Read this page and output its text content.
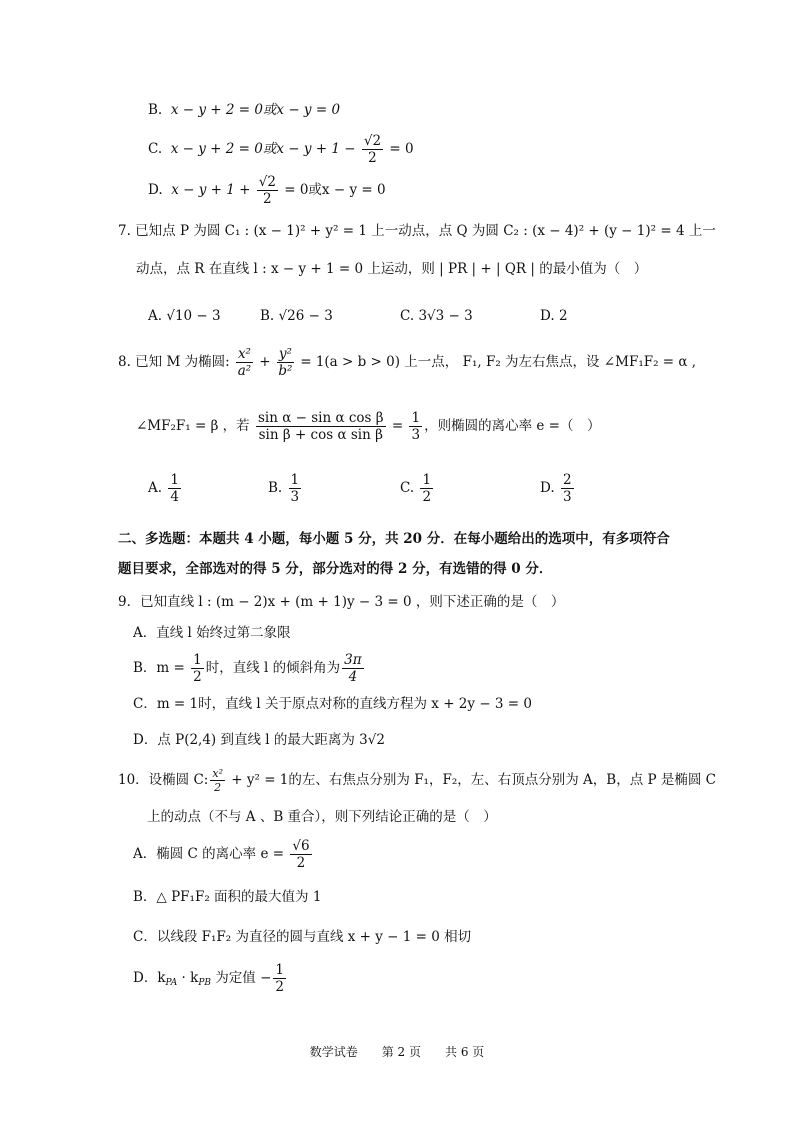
B. x − y + 2 = 0或x − y = 0
C. x − y + 2 = 0或$x - y + 1 - \frac{√2}{2} = 0$
D. $x - y + 1 + \frac{√2}{2} = 0$或x − y = 0
7. 已知点 P 为圆 C₁ : (x − 1)² + y² = 1 上一动点，点 Q 为圆 C₂ : (x − 4)² + (y − 1)² = 4 上一
动点，点 R 在直线 l : x − y + 1 = 0 上运动，则 | PR | + | QR | 的最小值为（　）
A. √10 − 3	B. √26 − 3	C. 3√3 − 3	D. 2
8. 已知 M 为椭圆: $\frac{\text{x²}}{\text{a²}} + \frac{\text{y²}}{\text{b²}} = 1(a > b > 0)$ 上一点， F₁, F₂ 为左右焦点，设 ∠MF₁F₂ = α ,
∠MF₂F₁ = β ，若 $\frac{\text{sin α − sin α cos β}}{\text{sin β + cos α sin β}} = \frac{1}{3}$ ，则椭圆的离心率 e =（　）
A. $\frac{1}{4}$	B. $\frac{1}{3}$	C. $\frac{1}{2}$	D. $\frac{2}{3}$
二、多选题：本题共 4 小题，每小题 5 分，共 20 分．在每小题给出的选项中，有多项符合
题目要求，全部选对的得 5 分，部分选对的得 2 分，有选错的得 0 分．
9．已知直线 l : (m − 2)x + (m + 1)y − 3 = 0 ，则下述正确的是（　）
A．直线 l 始终过第二象限
B．$m = \frac{1}{2}$ 时，直线 l 的倾斜角为 $\frac{3\pi}{4}$
C．m = 1时，直线 l 关于原点对称的直线方程为 x + 2y − 3 = 0
D．点 P(2,4) 到直线 l 的最大距离为 3√2
10．设椭圆 C: $\frac{\text{x²}}{2} + y^2 = 1$的左、右焦点分别为 F₁，F₂，左、右顶点分别为 A，B，点 P 是椭圆 C
上的动点（不与 A 、B 重合），则下列结论正确的是（　）
A．椭圆 C 的离心率 $e = \frac{√6}{2}$
B．△ PF₁F₂ 面积的最大值为 1
C．以线段 F₁F₂ 为直径的圆与直线 x + y − 1 = 0 相切
D．$k_{PA} \cdot k_{PB}$ 为定值 − $\frac{1}{2}$
数学试卷　　第 2 页　　共 6 页
